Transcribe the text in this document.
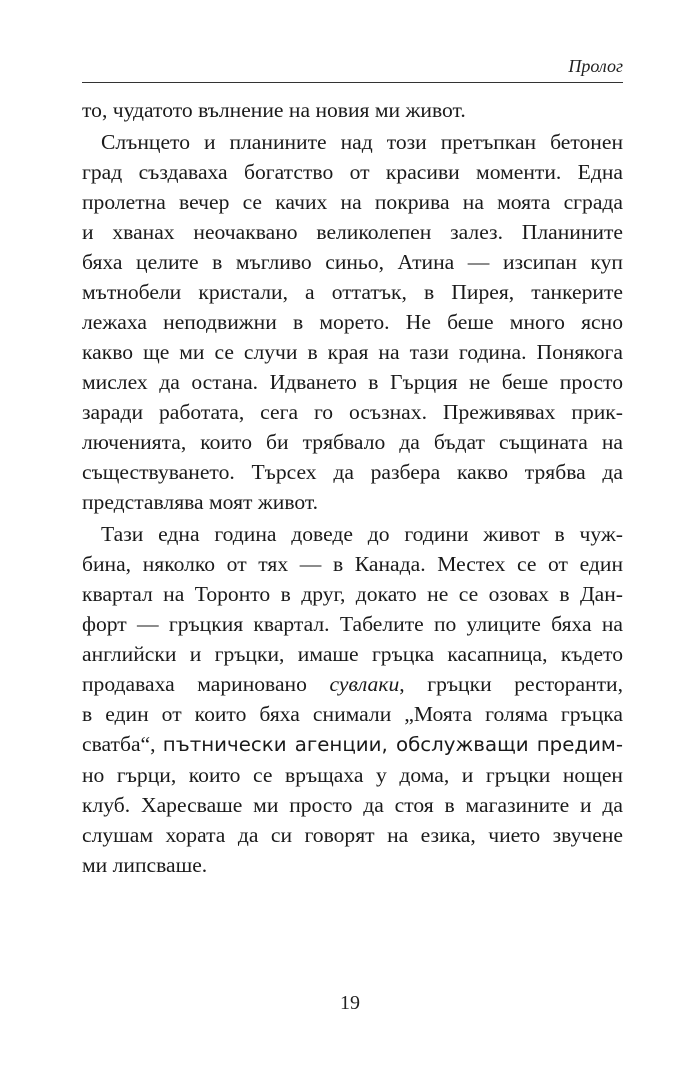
Пролог

то, чудатото вълнение на новия ми живот.

Слънцето и планините над този претъпкан бетонен
град създаваха богатство от красиви моменти. Една
пролетна вечер се качих на покрива на моята сграда
и хванах неочаквано великолепен залез. Планините
бяха целите в мъгливо синьо, Атина — изсипан куп
мътнобели кристали, а оттатък, в Пирея, танкерите
лежаха неподвижни в морето. Не беше много ясно
какво ще ми се случи в края на тази година. Понякога
мислех да остана. Идването в Гърция не беше просто
заради работата, сега го осъзнах. Преживявах прик-
люченията, които би трябвало да бъдат същината на
съществуването. Търсех да разбера какво трябва да
представлява моят живот.

Тази една година доведе до години живот в чуж-
бина, няколко от тях — в Канада. Местех се от един
квартал на Торонто в друг, докато не се озовах в Дан-
форт — гръцкия квартал. Табелите по улиците бяха на
английски и гръцки, имаше гръцка касапница, където
продаваха мариновано сувлаки, гръцки ресторанти,
в един от които бяха снимали „Моята голяма гръцка
сватба“, пътнически агенции, обслужващи предим-
но гърци, които се връщаха у дома, и гръцки нощен
клуб. Харесваше ми просто да стоя в магазините и да
слушам хората да си говорят на езика, чието звучене
ми липсваше.

19
